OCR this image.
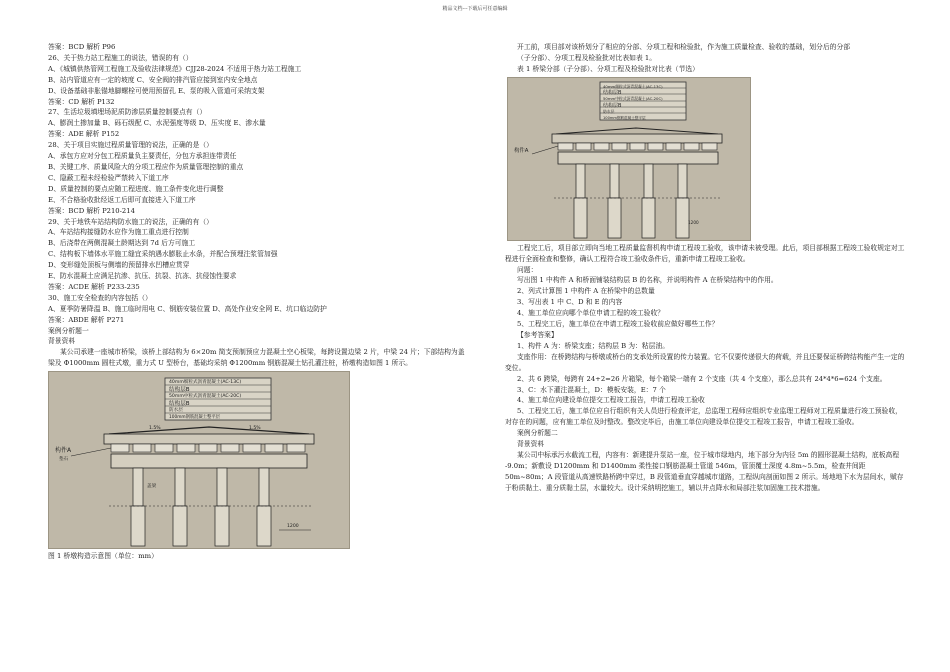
精品文档---下载后可任意编辑
答案：BCD 解析 P96
26、关于热力站工程施工的说法，错误的有（）
A、《城镇供热管网工程施工及验收法律规范》CJJ28-2024 不适用于热力站工程施工
B、站内管道应有一定的坡度 C、安全阀的排汽管应接到室内安全地点
D、设备基础非胀锚地脚螺栓可使用预留孔 E、泵的吸入管道可采纳支架
答案：CD 解析 P132
27、生活垃圾填埋场泥质防渗层质量控制要点有（）
A、膨润土掺加量 B、砾石级配 C、水泥强度等级 D、压实度 E、渗水量
答案：ADE 解析 P152
28、关于项目实施过程质量管理的说法，正确的是（）
A、承包方应对分包工程质量负主要责任，分包方承担连带责任
B、关键工序、质量风险大的分项工程应作为质量管理控制的重点
C、隐蔽工程未经检验严禁转入下道工序
D、质量控制的要点应随工程进度、施工条件变化进行调整
E、不合格验收批经返工后即可直接进入下道工序
答案：BCD 解析 P210-214
29、关于地铁车站结构防水施工的说法，正确的有（）
A、车站结构接缝防水应作为施工重点进行控制
B、后浇带在两侧混凝土龄期达到 7d 后方可施工
C、结构板下墙体水平施工缝宜采纳遇水膨胀止水条，并配合预埋注浆管加强
D、变形缝处顶板与侧墙的预留排水凹槽应贯穿
E、防水混凝土应满足抗渗、抗压、抗裂、抗冻、抗侵蚀性要求
答案：ACDE 解析 P233-235
30、施工安全检查的内容包括（）
A、夏季防暑降温 B、施工临时用电 C、钢筋安装位置 D、高处作业安全网 E、坑口临边防护
答案：ABDE 解析 P271
案例分析题一
背景资料
某公司承建一座城市桥梁，该桥上部结构为 6×20m 简支预制预应力混凝土空心板梁，每跨设置边梁 2 片，中梁 24 片；下部结构为盖梁及 Φ1000mm 圆柱式墩，重力式 U 型桥台，基础均采纳 Φ1200mm 钢筋混凝土钻孔灌注桩，桥墩构造如图 1 所示。
40mm细粒式沥青混凝土(AC-13C)
结构层B
50mm中粒式沥青混凝土(AC-20C)
结构层B
防水层
100mm钢筋混凝土整平层
1.5%	1.5%
构件A
垫石
盖梁
1200
图 1 桥墩构造示意图（单位：mm）
开工前，项目部对该桥划分了相应的分部、分项工程和检验批，作为施工质量检查、验收的基础，划分后的分部
（子分部）、分项工程及检验批对比表如表 1。
表 1 桥梁分部（子分部）、分项工程及检验批对比表（节选）
40mm细粒式沥青混凝土(AC-13C)
结构层B
50mm中粒式沥青混凝土(AC-20C)
结构层B
防水层
100mm钢筋混凝土整平层
构件A
1200
工程完工后，项目部立即向当地工程质量监督机构申请工程竣工验收，该申请未被受理。此后，项目部根据工程竣工验收规定对工程进行全面检查和整修，确认工程符合竣工验收条件后，重新申请工程竣工验收。
问题：
写出图 1 中构件 A 和桥面铺装结构层 B 的名称，并说明构件 A 在桥梁结构中的作用。
2、列式计算图 1 中构件 A 在桥梁中的总数量
3、写出表 1 中 C、D 和 E 的内容
4、施工单位应向哪个单位申请工程的竣工验收？
5、工程完工后，施工单位在申请工程竣工验收前应做好哪些工作？
【参考答案】
1、构件 A 为：桥梁支座；结构层 B 为：粘层油。
支座作用：在桥跨结构与桥墩或桥台的支承处所设置的传力装置。它不仅要传递很大的荷载，并且还要保证桥跨结构能产生一定的变位。
2、共 6 跨梁，每跨有 24+2=26 片箱梁，每个箱梁一端有 2 个支座（共 4 个支座），那么总共有 24*4*6=624 个支座。
3、C：水下灌注混凝土，D：模板安装，E：7 个
4、施工单位向建设单位提交工程竣工报告，申请工程竣工验收
5、工程完工后，施工单位应自行组织有关人员进行检查评定，总监理工程师应组织专业监理工程师对工程质量进行竣工预验收，对存在的问题，应有施工单位及时整改。整改完毕后，由施工单位向建设单位提交工程竣工报告，申请工程竣工验收。
案例分析题二
背景资料
某公司中标承污水截流工程，内容有：新建提升泵站一座，位于城市绿地内，地下部分为内径 5m 的圆形混凝土结构，底板高程 -9.0m；新敷设 D1200mm 和 D1400mm 柔性接口钢筋混凝土管道 546m，管顶覆土深度 4.8m~5.5m，检查井间距 50m~80m；A 段管道从高速铁路桥跨中穿过，B 段管道垂直穿越城市道路，工程纵向剖面如图 2 所示。场地地下水为层间水，赋存于粉质黏土、重分质黏土层，水量较大。设计采纳明挖施工，辅以井点降水和局部注浆加固施工技术措施。
